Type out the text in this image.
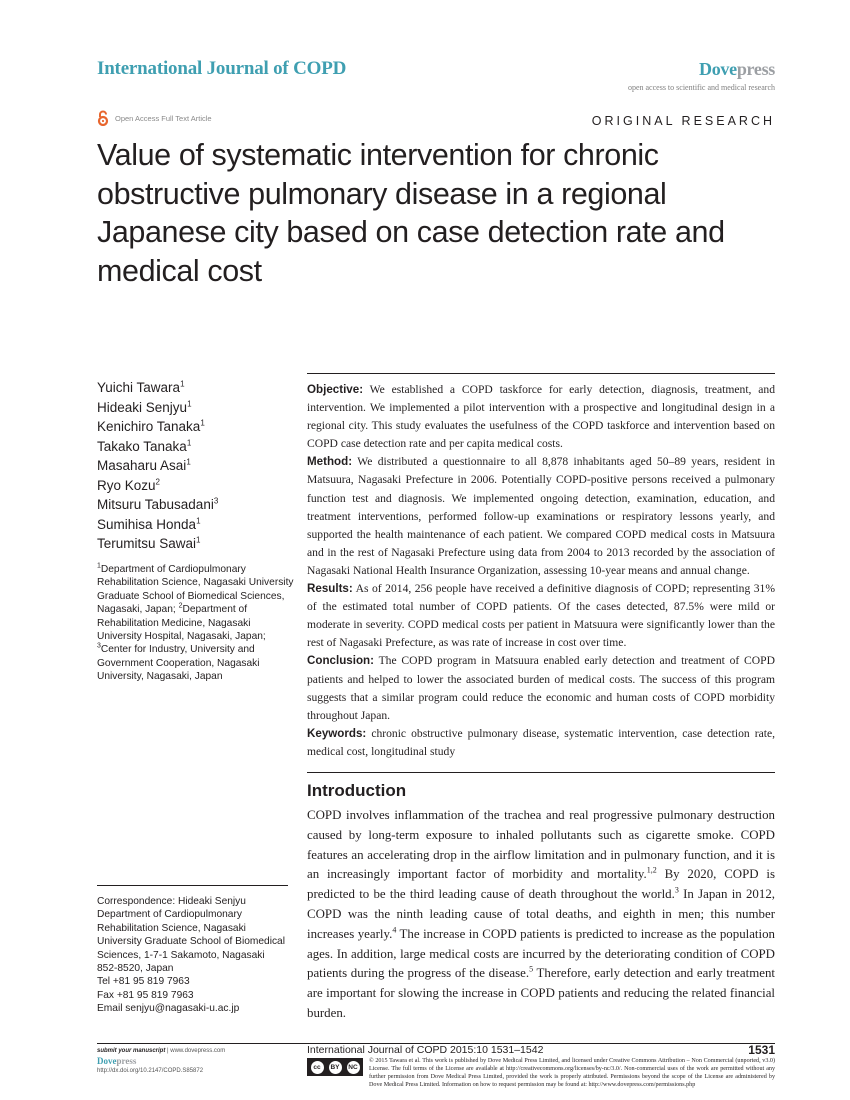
International Journal of COPD	Dovepress
open access to scientific and medical research
Open Access Full Text Article	ORIGINAL RESEARCH
Value of systematic intervention for chronic obstructive pulmonary disease in a regional Japanese city based on case detection rate and medical cost
Yuichi Tawara$^1$
Hideaki Senjyu$^1$
Kenichiro Tanaka$^1$
Takako Tanaka$^1$
Masaharu Asai$^1$
Ryo Kozu$^2$
Mitsuru Tabusadani$^3$
Sumihisa Honda$^1$
Terumitsu Sawai$^1$
$^1$Department of Cardiopulmonary Rehabilitation Science, Nagasaki University Graduate School of Biomedical Sciences, Nagasaki, Japan; $^2$Department of Rehabilitation Medicine, Nagasaki University Hospital, Nagasaki, Japan; $^3$Center for Industry, University and Government Cooperation, Nagasaki University, Nagasaki, Japan
Correspondence: Hideaki Senjyu
Department of Cardiopulmonary
Rehabilitation Science, Nagasaki
University Graduate School of Biomedical
Sciences, 1-7-1 Sakamoto, Nagasaki
852-8520, Japan
Tel +81 95 819 7963
Fax +81 95 819 7963
Email senjyu@nagasaki-u.ac.jp

Objective: We established a COPD taskforce for early detection, diagnosis, treatment, and intervention. We implemented a pilot intervention with a prospective and longitudinal design in a regional city. This study evaluates the usefulness of the COPD taskforce and intervention based on COPD case detection rate and per capita medical costs.

Method: We distributed a questionnaire to all 8,878 inhabitants aged 50–89 years, resident in Matsuura, Nagasaki Prefecture in 2006. Potentially COPD-positive persons received a pulmonary function test and diagnosis. We implemented ongoing detection, examination, education, and treatment interventions, performed follow-up examinations or respiratory lessons yearly, and supported the health maintenance of each patient. We compared COPD medical costs in Matsuura and in the rest of Nagasaki Prefecture using data from 2004 to 2013 recorded by the association of Nagasaki National Health Insurance Organization, assessing 10-year means and annual change.

Results: As of 2014, 256 people have received a definitive diagnosis of COPD; representing 31% of the estimated total number of COPD patients. Of the cases detected, 87.5% were mild or moderate in severity. COPD medical costs per patient in Matsuura were significantly lower than the rest of Nagasaki Prefecture, as was rate of increase in cost over time.

Conclusion: The COPD program in Matsuura enabled early detection and treatment of COPD patients and helped to lower the associated burden of medical costs. The success of this program suggests that a similar program could reduce the economic and human costs of COPD morbidity throughout Japan.

Keywords: chronic obstructive pulmonary disease, systematic intervention, case detection rate, medical cost, longitudinal study

Introduction
COPD involves inflammation of the trachea and real progressive pulmonary destruction caused by long-term exposure to inhaled pollutants such as cigarette smoke. COPD features an accelerating drop in the airflow limitation and in pulmonary function, and it is an increasingly important factor of morbidity and mortality.$^{1,2}$ By 2020, COPD is predicted to be the third leading cause of death throughout the world.$^3$ In Japan in 2012, COPD was the ninth leading cause of total deaths, and eighth in men; this number increases yearly.$^4$ The increase in COPD patients is predicted to increase as the population ages. In addition, large medical costs are incurred by the deteriorating condition of COPD patients during the progress of the disease.$^5$ Therefore, early detection and early treatment are important for slowing the increase in COPD patients and reducing the related financial burden.
submit your manuscript | www.dovepress.com
Dovepress
http://dx.doi.org/10.2147/COPD.S85872
International Journal of COPD 2015:10 1531–1542	1531
cc	BY	NC
© 2015 Tawara et al. This work is published by Dove Medical Press Limited, and licensed under Creative Commons Attribution – Non Commercial (unported, v3.0) License. The full terms of the License are available at http://creativecommons.org/licenses/by-nc/3.0/. Non-commercial uses of the work are permitted without any further permission from Dove Medical Press Limited, provided the work is properly attributed. Permissions beyond the scope of the License are administered by Dove Medical Press Limited. Information on how to request permission may be found at: http://www.dovepress.com/permissions.php
